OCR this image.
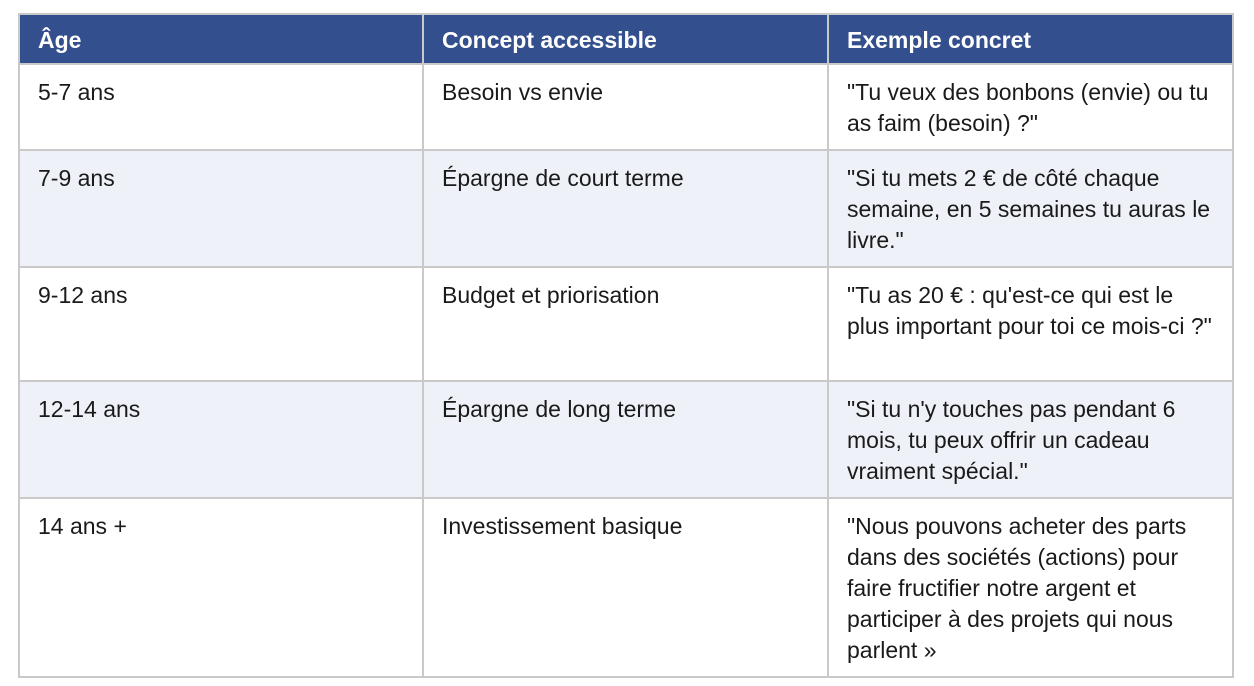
Âge	Concept accessible	Exemple concret
5-7 ans	Besoin vs envie	"Tu veux des bonbons (envie) ou tu as faim (besoin) ?"
7-9 ans	Épargne de court terme	"Si tu mets 2 € de côté chaque semaine, en 5 semaines tu auras le livre."
9-12 ans	Budget et priorisation	"Tu as 20 € : qu'est-ce qui est le plus important pour toi ce mois-ci ?"
12-14 ans	Épargne de long terme	"Si tu n'y touches pas pendant 6 mois, tu peux offrir un cadeau vraiment spécial."
14 ans +	Investissement basique	"Nous pouvons acheter des parts dans des sociétés (actions) pour faire fructifier notre argent et participer à des projets qui nous parlent »
